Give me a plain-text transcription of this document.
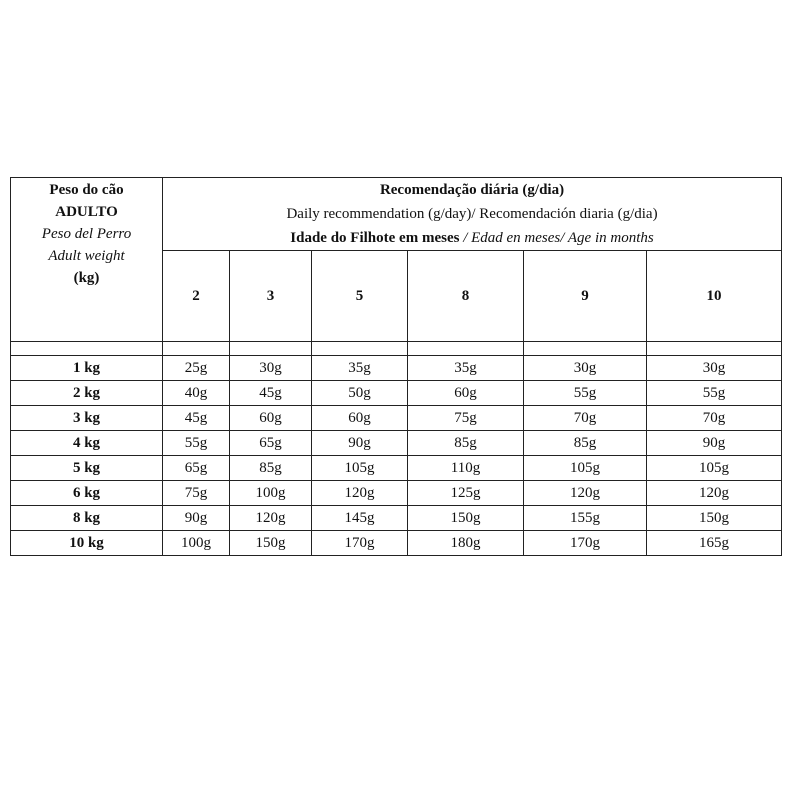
Peso do cão
ADULTO
Peso del Perro
Adult weight
(kg)	Recomendação diária (g/dia)
Daily recommendation (g/day)/ Recomendación diaria (g/dia)
Idade do Filhote em meses / Edad en meses/ Age in months					

	2	3	5	8	9	10

1 kg	25g	30g	35g	35g	30g	30g
2 kg	40g	45g	50g	60g	55g	55g
3 kg	45g	60g	60g	75g	70g	70g
4 kg	55g	65g	90g	85g	85g	90g
5 kg	65g	85g	105g	110g	105g	105g
6 kg	75g	100g	120g	125g	120g	120g
8 kg	90g	120g	145g	150g	155g	150g
10 kg	100g	150g	170g	180g	170g	165g
